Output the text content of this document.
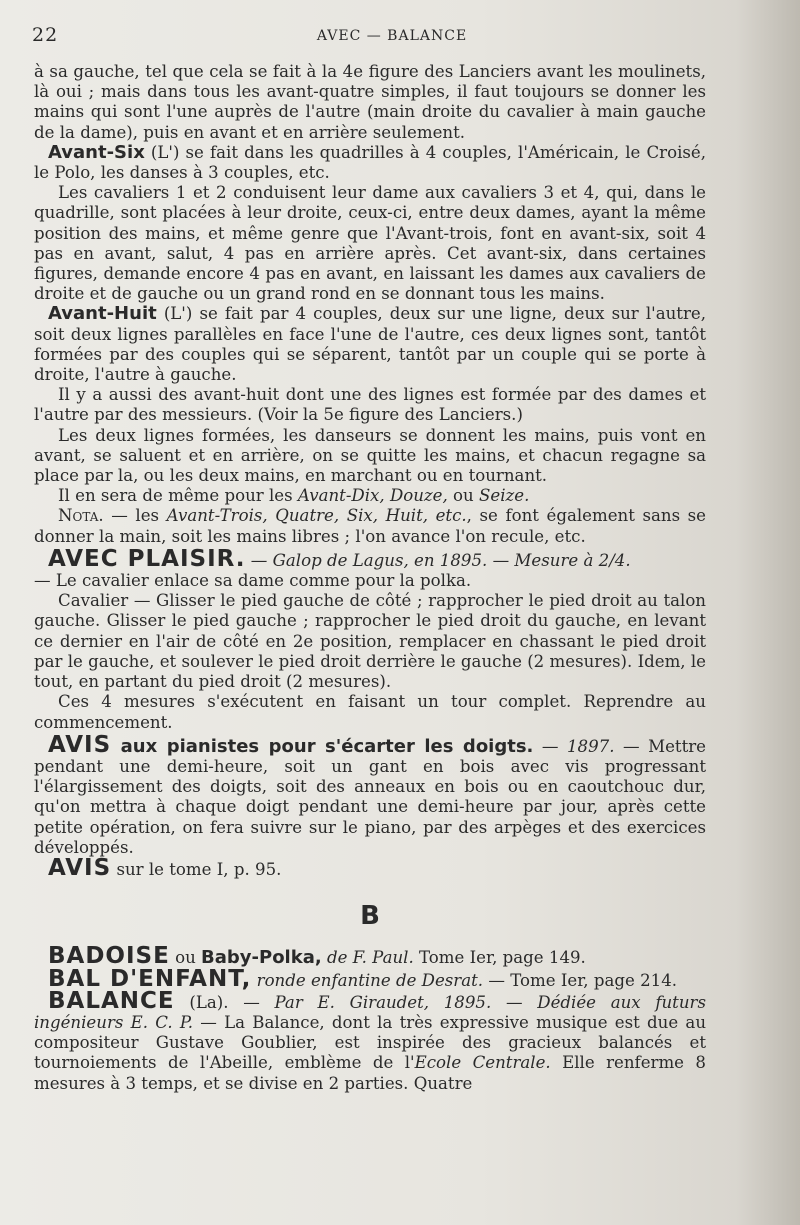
22	AVEC — BALANCE

à sa gauche, tel que cela se fait à la 4e figure des Lanciers avant les moulinets, là oui ; mais dans tous les avant-quatre simples, il faut toujours se donner les mains qui sont l'une auprès de l'autre (main droite du cavalier à main gauche de la dame), puis en avant et en arrière seulement.

Avant-Six (L') se fait dans les quadrilles à 4 couples, l'Américain, le Croisé, le Polo, les danses à 3 couples, etc.

Les cavaliers 1 et 2 conduisent leur dame aux cavaliers 3 et 4, qui, dans le quadrille, sont placées à leur droite, ceux-ci, entre deux dames, ayant la même position des mains, et même genre que l'Avant-trois, font en avant-six, soit 4 pas en avant, salut, 4 pas en arrière après. Cet avant-six, dans certaines figures, demande encore 4 pas en avant, en laissant les dames aux cavaliers de droite et de gauche ou un grand rond en se donnant tous les mains.

Avant-Huit (L') se fait par 4 couples, deux sur une ligne, deux sur l'autre, soit deux lignes parallèles en face l'une de l'autre, ces deux lignes sont, tantôt formées par des couples qui se séparent, tantôt par un couple qui se porte à droite, l'autre à gauche.

Il y a aussi des avant-huit dont une des lignes est formée par des dames et l'autre par des messieurs. (Voir la 5e figure des Lanciers.)

Les deux lignes formées, les danseurs se donnent les mains, puis vont en avant, se saluent et en arrière, on se quitte les mains, et chacun regagne sa place par la, ou les deux mains, en marchant ou en tournant.

Il en sera de même pour les Avant-Dix, Douze, ou Seize.

Nota. — les Avant-Trois, Quatre, Six, Huit, etc., se font également sans se donner la main, soit les mains libres ; l'on avance l'on recule, etc.

AVEC PLAISIR. — Galop de Lagus, en 1895. — Mesure à 2/4.

— Le cavalier enlace sa dame comme pour la polka.

Cavalier — Glisser le pied gauche de côté ; rapprocher le pied droit au talon gauche. Glisser le pied gauche ; rapprocher le pied droit du gauche, en levant ce dernier en l'air de côté en 2e position, remplacer en chassant le pied droit par le gauche, et soulever le pied droit derrière le gauche (2 mesures). Idem, le tout, en partant du pied droit (2 mesures).

Ces 4 mesures s'exécutent en faisant un tour complet. Reprendre au commencement.

AVIS aux pianistes pour s'écarter les doigts. — 1897. — Mettre pendant une demi-heure, soit un gant en bois avec vis progressant l'élargissement des doigts, soit des anneaux en bois ou en caoutchouc dur, qu'on mettra à chaque doigt pendant une demi-heure par jour, après cette petite opération, on fera suivre sur le piano, par des arpèges et des exercices développés.

AVIS sur le tome I, p. 95.

B

BADOISE ou Baby-Polka, de F. Paul. Tome Ier, page 149.

BAL D'ENFANT, ronde enfantine de Desrat. — Tome Ier, page 214.

BALANCE (La). — Par E. Giraudet, 1895. — Dédiée aux futurs ingénieurs E. C. P. — La Balance, dont la très expressive musique est due au compositeur Gustave Goublier, est inspirée des gracieux balancés et tournoiements de l'Abeille, emblème de l'Ecole Centrale. Elle renferme 8 mesures à 3 temps, et se divise en 2 parties. Quatre
